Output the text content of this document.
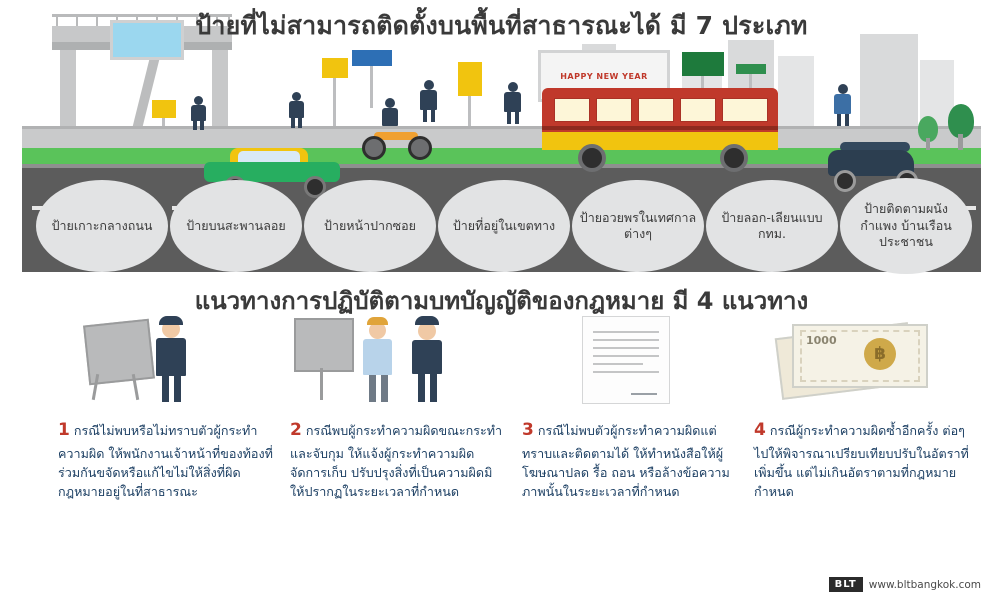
HAPPY NEW YEAR
ป้ายที่ไม่สามารถติดตั้งบนพื้นที่สาธารณะได้ มี 7 ประเภท
ป้ายเกาะกลางถนน	ป้ายบนสะพานลอย	ป้ายหน้าปากซอย	ป้ายที่อยู่ในเขตทาง
ป้ายอวยพรในเทศกาลต่างๆ
ป้ายลอก-เลียนแบบ กทม.
ป้ายติดตามผนังกำแพง บ้านเรือนประชาชน
แนวทางการปฏิบัติตามบทบัญญัติของกฎหมาย มี 4 แนวทาง
1 กรณีไม่พบหรือไม่ทราบตัวผู้กระทำความผิด ให้พนักงานเจ้าหน้าที่ของท้องที่ร่วมกันขจัดหรือแก้ไขไม่ให้สิ่งที่ผิดกฎหมายอยู่ในที่สาธารณะ
2 กรณีพบผู้กระทำความผิดขณะกระทำและจับกุม ให้แจ้งผู้กระทำความผิดจัดการเก็บ ปรับปรุงสิ่งที่เป็นความผิดมิให้ปรากฏในระยะเวลาที่กำหนด
3 กรณีไม่พบตัวผู้กระทำความผิดแต่ทราบและติดตามได้ ให้ทำหนังสือให้ผู้โฆษณาปลด รื้อ ถอน หรือล้างข้อความ ภาพนั้นในระยะเวลาที่กำหนด
1000
฿
4 กรณีผู้กระทำความผิดซ้ำอีกครั้ง ต่อๆ ไปให้พิจารณาเปรียบเทียบปรับในอัตราที่เพิ่มขึ้น แต่ไม่เกินอัตราตามที่กฎหมายกำหนด
BLT	www.bltbangkok.com
